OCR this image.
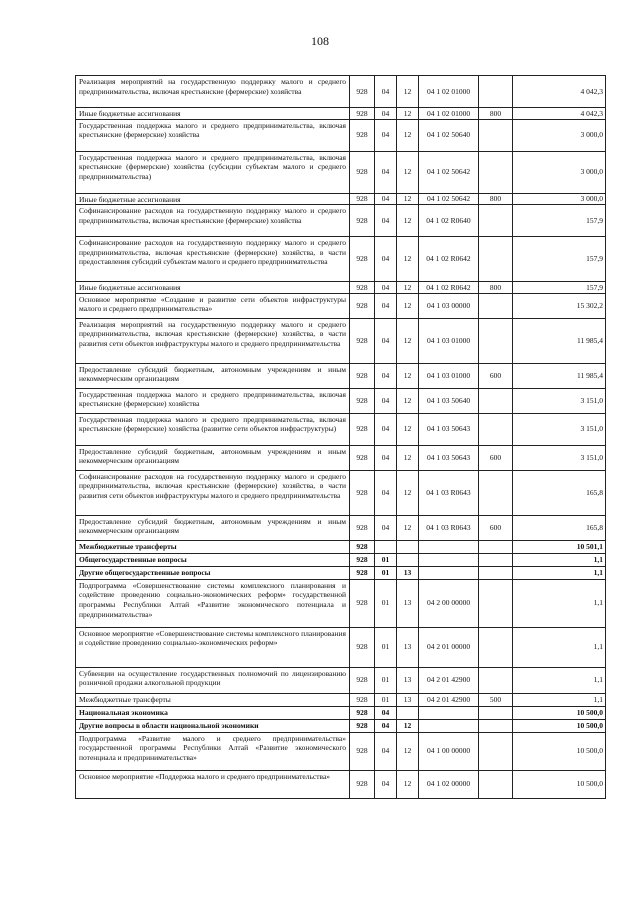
108
Реализация мероприятий на государственную поддержку малого и среднего предпринимательства, включая крестьянские (фермерские) хозяйства	928	04	12	04 1 02 01000		4 042,3
Иные бюджетные ассигнования	928	04	12	04 1 02 01000	800	4 042,3
Государственная поддержка малого и среднего предпринимательства, включая крестьянские (фермерские) хозяйства	928	04	12	04 1 02 50640		3 000,0
Государственная поддержка малого и среднего предпринимательства, включая крестьянские (фермерские) хозяйства (субсидии субъектам малого и среднего предпринимательства)	928	04	12	04 1 02 50642		3 000,0
Иные бюджетные ассигнования	928	04	12	04 1 02 50642	800	3 000,0
Софинансирование расходов на государственную поддержку малого и среднего предпринимательства, включая крестьянские (фермерские) хозяйства	928	04	12	04 1 02 R0640		157,9
Софинансирование расходов на государственную поддержку малого и среднего предпринимательства, включая крестьянские (фермерские) хозяйства, в части предоставления субсидий субъектам малого и среднего предпринимательства	928	04	12	04 1 02 R0642		157,9
Иные бюджетные ассигнования	928	04	12	04 1 02 R0642	800	157,9
Основное мероприятие «Создание и развитие сети объектов инфраструктуры малого и среднего предпринимательства»	928	04	12	04 1 03 00000		15 302,2
Реализация мероприятий на государственную поддержку малого и среднего предпринимательства, включая крестьянские (фермерские) хозяйства, в части развития сети объектов инфраструктуры малого и среднего предпринимательства	928	04	12	04 1 03 01000		11 985,4
Предоставление субсидий бюджетным, автономным учреждениям и иным некоммерческим организациям	928	04	12	04 1 03 01000	600	11 985,4
Государственная поддержка малого и среднего предпринимательства, включая крестьянские (фермерские) хозяйства	928	04	12	04 1 03 50640		3 151,0
Государственная поддержка малого и среднего предпринимательства, включая крестьянские (фермерские) хозяйства (развитие сети объектов инфраструктуры)	928	04	12	04 1 03 50643		3 151,0
Предоставление субсидий бюджетным, автономным учреждениям и иным некоммерческим организациям	928	04	12	04 1 03 50643	600	3 151,0
Софинансирование расходов на государственную поддержку малого и среднего предпринимательства, включая крестьянские (фермерские) хозяйства, в части развития сети объектов инфраструктуры малого и среднего предпринимательства	928	04	12	04 1 03 R0643		165,8
Предоставление субсидий бюджетным, автономным учреждениям и иным некоммерческим организациям	928	04	12	04 1 03 R0643	600	165,8
Межбюджетные трансферты	928					10 501,1
Общегосударственные вопросы	928	01				1,1
Другие общегосударственные вопросы	928	01	13			1,1
Подпрограмма «Совершенствование системы комплексного планирования и содействие проведению социально-экономических реформ» государственной программы Республики Алтай «Развитие экономического потенциала и предпринимательства»	928	01	13	04 2 00 00000		1,1
Основное мероприятие «Совершенствование системы комплексного планирования и содействие проведению социально-экономических реформ»	928	01	13	04 2 01 00000		1,1
Субвенции на осуществление государственных полномочий по лицензированию розничной продажи алкогольной продукции	928	01	13	04 2 01 42900		1,1
Межбюджетные трансферты	928	01	13	04 2 01 42900	500	1,1
Национальная экономика	928	04				10 500,0
Другие вопросы в области национальной экономики	928	04	12			10 500,0
Подпрограмма «Развитие малого и среднего предпринимательства» государственной программы Республики Алтай «Развитие экономического потенциала и предпринимательства»	928	04	12	04 1 00 00000		10 500,0
Основное мероприятие «Поддержка малого и среднего предпринимательства»	928	04	12	04 1 02 00000		10 500,0
